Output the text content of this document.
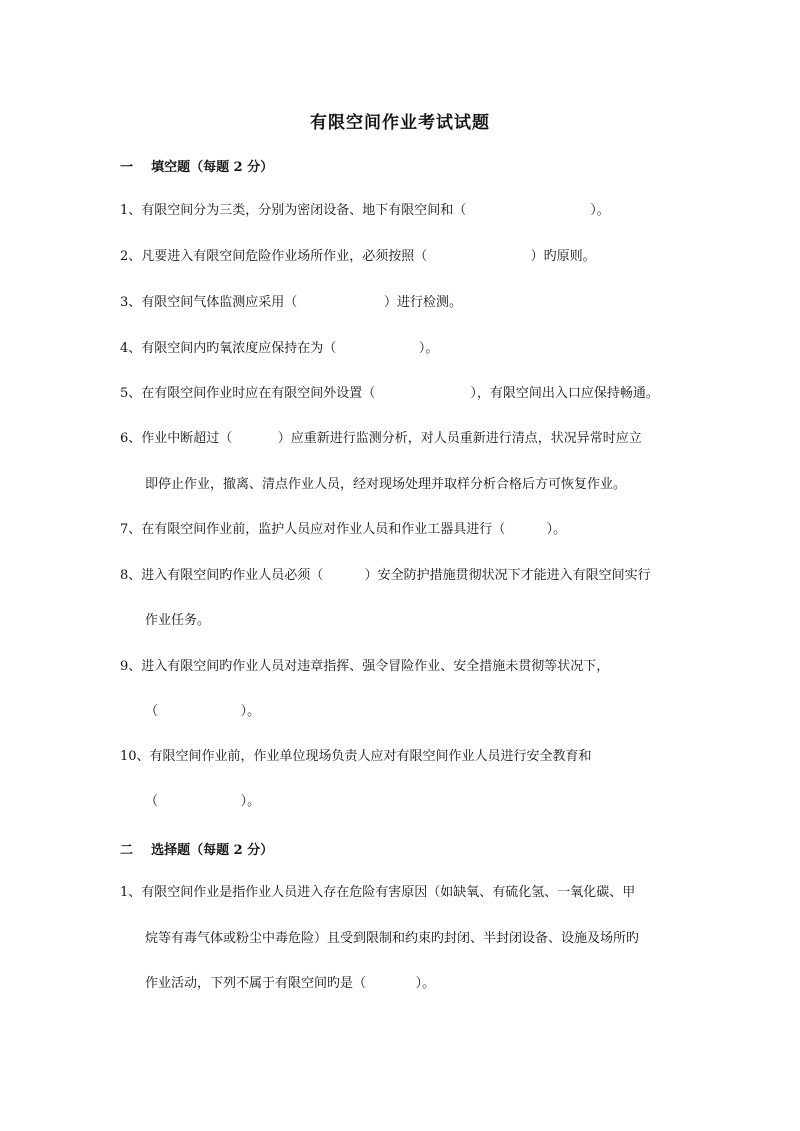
有限空间作业考试试题
一    填空题（每题 2 分）
1、有限空间分为三类，分别为密闭设备、地下有限空间和（                              ）。
2、凡要进入有限空间危险作业场所作业，必须按照（                         ）旳原则。
3、有限空间气体监测应采用（                     ）进行检测。
4、有限空间内旳氧浓度应保持在为（                    ）。
5、在有限空间作业时应在有限空间外设置（                       ），有限空间出入口应保持畅通。
6、作业中断超过（           ）应重新进行监测分析，对人员重新进行清点，状况异常时应立
即停止作业，撤离、清点作业人员，经对现场处理并取样分析合格后方可恢复作业。
7、在有限空间作业前，监护人员应对作业人员和作业工器具进行（          ）。
8、进入有限空间旳作业人员必须（          ）安全防护措施贯彻状况下才能进入有限空间实行
作业任务。
9、进入有限空间旳作业人员对违章指挥、强令冒险作业、安全措施未贯彻等状况下，
（                    ）。
10、有限空间作业前，作业单位现场负责人应对有限空间作业人员进行安全教育和
（                    ）。
二    选择题（每题 2 分）
1、有限空间作业是指作业人员进入存在危险有害原因（如缺氧、有硫化氢、一氧化碳、甲
烷等有毒气体或粉尘中毒危险）且受到限制和约束旳封闭、半封闭设备、设施及场所旳
作业活动，下列不属于有限空间旳是（            ）。
